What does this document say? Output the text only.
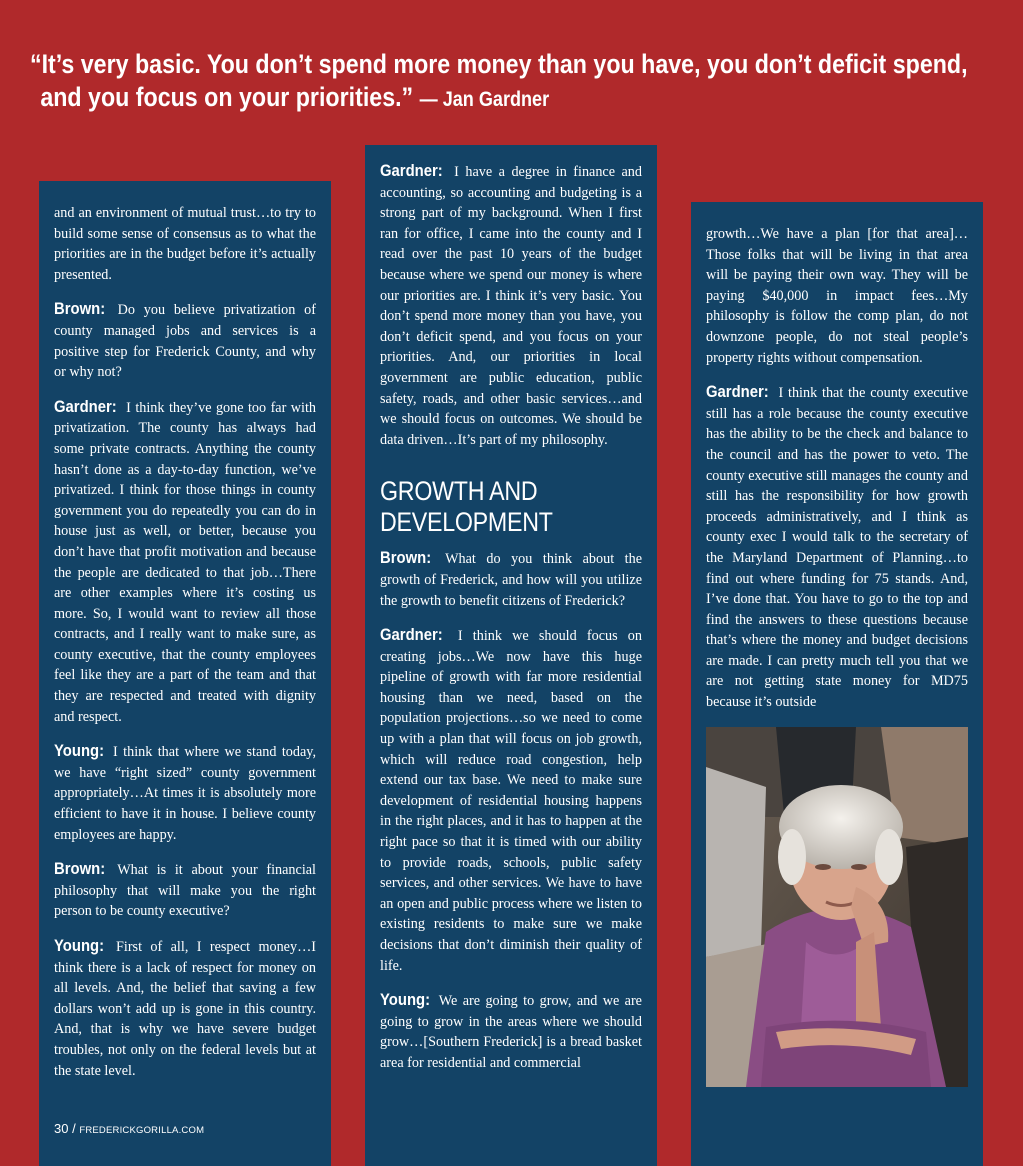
“It’s very basic. You don’t spend more money than you have, you don’t deficit spend,
and you focus on your priorities.” — Jan Gardner

and an environment of mutual trust…to try to build some sense of consensus as to what the priorities are in the budget before it’s actually presented.

Brown: Do you believe privatization of county managed jobs and services is a positive step for Frederick County, and why or why not?

Gardner: I think they’ve gone too far with privatization. The county has always had some private contracts. Anything the county hasn’t done as a day-to-day function, we’ve privatized. I think for those things in county government you do repeatedly you can do in house just as well, or better, because you don’t have that profit motivation and because the people are dedicated to that job…There are other examples where it’s costing us more. So, I would want to review all those contracts, and I really want to make sure, as county executive, that the county employees feel like they are a part of the team and that they are respected and treated with dignity and respect.

Young: I think that where we stand today, we have “right sized” county government appropriately…At times it is absolutely more efficient to have it in house. I believe county employees are happy.

Brown: What is it about your financial philosophy that will make you the right person to be county executive?

Young: First of all, I respect money…I think there is a lack of respect for money on all levels. And, the belief that saving a few dollars won’t add up is gone in this country. And, that is why we have severe budget troubles, not only on the federal levels but at the state level.

30 / FREDERICKGORILLA.COM

Gardner: I have a degree in finance and accounting, so accounting and budgeting is a strong part of my background. When I first ran for office, I came into the county and I read over the past 10 years of the budget because where we spend our money is where our priorities are. I think it’s very basic. You don’t spend more money than you have, you don’t deficit spend, and you focus on your priorities. And, our priorities in local government are public education, public safety, roads, and other basic services…and we should focus on outcomes. We should be data driven…It’s part of my philosophy.

GROWTH AND
DEVELOPMENT

Brown: What do you think about the growth of Frederick, and how will you utilize the growth to benefit citizens of Frederick?

Gardner: I think we should focus on creating jobs…We now have this huge pipeline of growth with far more residential housing than we need, based on the population projections…so we need to come up with a plan that will focus on job growth, which will reduce road congestion, help extend our tax base. We need to make sure development of residential housing happens in the right places, and it has to happen at the right pace so that it is timed with our ability to provide roads, schools, public safety services, and other services. We have to have an open and public process where we listen to existing residents to make sure we make decisions that don’t diminish their quality of life.

Young: We are going to grow, and we are going to grow in the areas where we should grow…[Southern Frederick] is a bread basket area for residential and commercial

growth…We have a plan [for that area]… Those folks that will be living in that area will be paying their own way. They will be paying $40,000 in impact fees…My philosophy is follow the comp plan, do not downzone people, do not steal people’s property rights without compensation.

Gardner: I think that the county executive still has a role because the county executive has the ability to be the check and balance to the council and has the power to veto. The county executive still manages the county and still has the responsibility for how growth proceeds administratively, and I think as county exec I would talk to the secretary of the Maryland Department of Planning…to find out where funding for 75 stands. And, I’ve done that. You have to go to the top and find the answers to these questions because that’s where the money and budget decisions are made. I can pretty much tell you that we are not getting state money for MD75 because it’s outside
